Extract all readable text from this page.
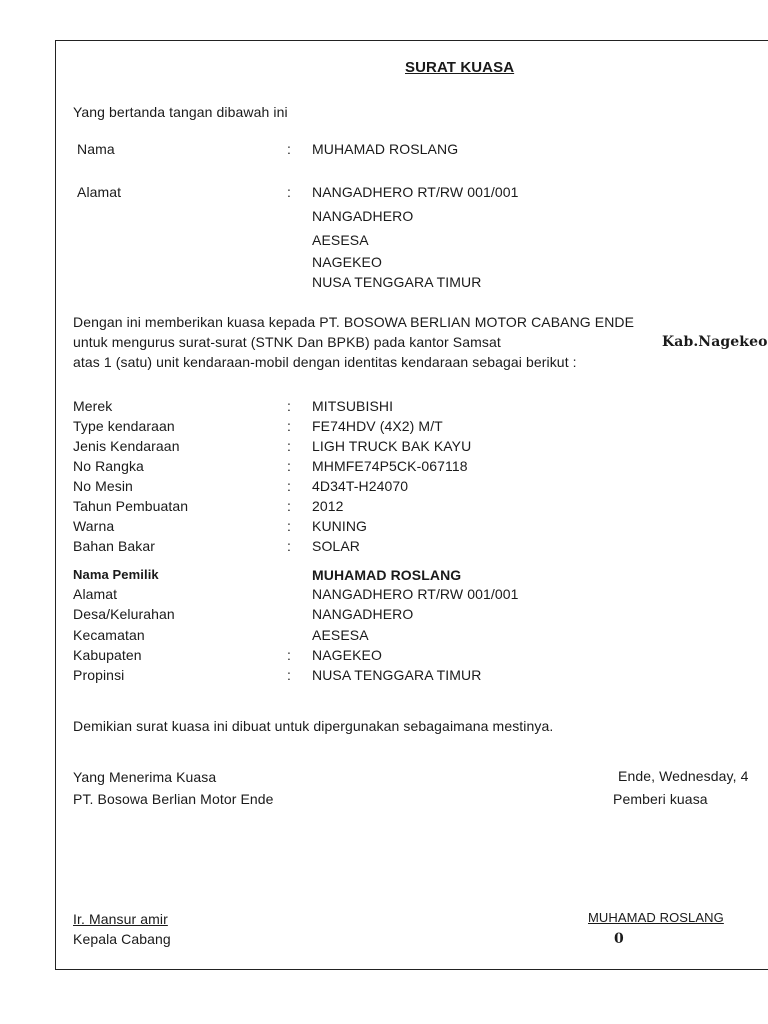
SURAT KUASA
Yang bertanda tangan dibawah ini
Nama	: MUHAMAD ROSLANG
Alamat	: NANGADHERO RT/RW 001/001
NANGADHERO
AESESA
NAGEKEO
NUSA TENGGARA TIMUR
Dengan ini memberikan kuasa kepada PT. BOSOWA BERLIAN MOTOR CABANG ENDE
untuk mengurus surat-surat (STNK Dan BPKB) pada kantor Samsat	Kab.Nagekeo
atas 1 (satu) unit kendaraan-mobil dengan identitas kendaraan sebagai berikut :
Merek	: MITSUBISHI
Type kendaraan	: FE74HDV (4X2) M/T
Jenis Kendaraan	: LIGH TRUCK BAK KAYU
No Rangka	: MHMFE74P5CK-067118
No Mesin	: 4D34T-H24070
Tahun Pembuatan	: 2012
Warna	: KUNING
Bahan Bakar	: SOLAR
Nama Pemilik	MUHAMAD ROSLANG
Alamat	NANGADHERO RT/RW 001/001
Desa/Kelurahan	NANGADHERO
Kecamatan	AESESA
Kabupaten	: NAGEKEO
Propinsi	: NUSA TENGGARA TIMUR
Demikian surat kuasa ini dibuat untuk dipergunakan sebagaimana mestinya.
Yang Menerima Kuasa	Ende, Wednesday, 4
PT. Bosowa Berlian Motor Ende	Pemberi kuasa
Ir. Mansur amir	MUHAMAD ROSLANG
Kepala Cabang	0
